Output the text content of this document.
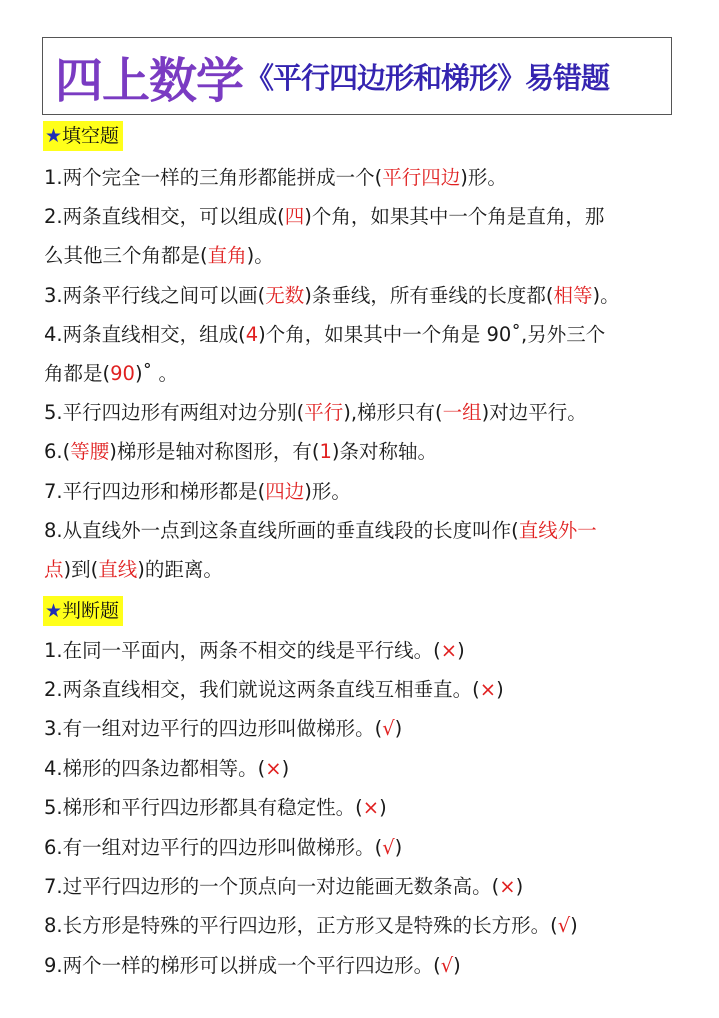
四上数学 《平行四边形和梯形》易错题
★填空题
1.两个完全一样的三角形都能拼成一个(平行四边)形。
2.两条直线相交，可以组成(四)个角，如果其中一个角是直角，那
么其他三个角都是(直角)。
3.两条平行线之间可以画(无数)条垂线，所有垂线的长度都(相等)。
4.两条直线相交，组成(4)个角，如果其中一个角是 90˚,另外三个
角都是(90)˚ 。
5.平行四边形有两组对边分别(平行),梯形只有(一组)对边平行。
6.(等腰)梯形是轴对称图形，有(1)条对称轴。
7.平行四边形和梯形都是(四边)形。
8.从直线外一点到这条直线所画的垂直线段的长度叫作(直线外一
点)到(直线)的距离。
★判断题
1.在同一平面内，两条不相交的线是平行线。(×)
2.两条直线相交，我们就说这两条直线互相垂直。(×)
3.有一组对边平行的四边形叫做梯形。(√)
4.梯形的四条边都相等。(×)
5.梯形和平行四边形都具有稳定性。(×)
6.有一组对边平行的四边形叫做梯形。(√)
7.过平行四边形的一个顶点向一对边能画无数条高。(×)
8.长方形是特殊的平行四边形，正方形又是特殊的长方形。(√)
9.两个一样的梯形可以拼成一个平行四边形。(√)
